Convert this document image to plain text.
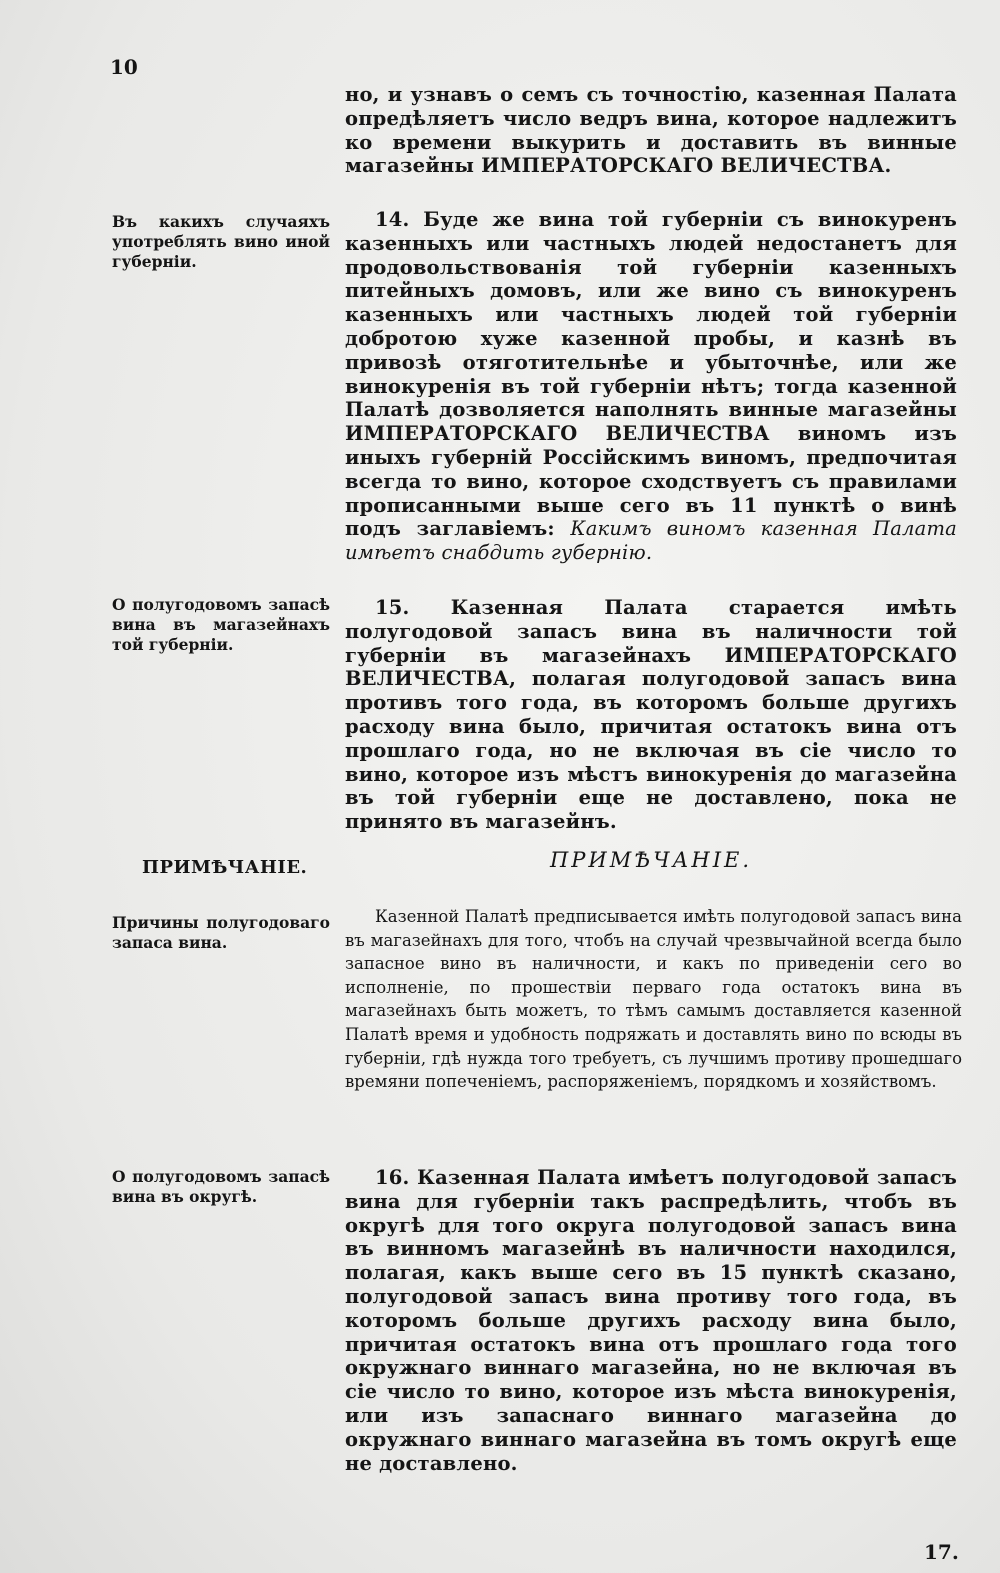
10

но, и узнавъ о семъ съ точностію, казенная Палата опредѣляетъ число ведръ вина, которое надлежитъ ко времени выкурить и доставить въ винные магазейны ИМПЕРАТОРСКАГО ВЕЛИЧЕСТВА.

Въ какихъ случаяхъ употреблять вино иной губерніи.

14. Буде же вина той губерніи съ винокуренъ казенныхъ или частныхъ людей недостанетъ для продовольствованія той губерніи казенныхъ питейныхъ домовъ, или же вино съ винокуренъ казенныхъ или частныхъ людей той губерніи добротою хуже казенной пробы, и казнѣ въ привозѣ отяготительнѣе и убыточнѣе, или же винокуренія въ той губерніи нѣтъ; тогда казенной Палатѣ дозволяется наполнять винные магазейны ИМПЕРАТОРСКАГО ВЕЛИЧЕСТВА виномъ изъ иныхъ губерній Россійскимъ виномъ, предпочитая всегда то вино, которое сходствуетъ съ правилами прописанными выше сего въ 11 пунктѣ о винѣ подъ заглавіемъ: Какимъ виномъ казенная Палата имѣетъ снабдить губернію.

О полугодовомъ запасѣ вина въ магазейнахъ той губерніи.

15. Казенная Палата старается имѣть полугодовой запасъ вина въ наличности той губерніи въ магазейнахъ ИМПЕРАТОРСКАГО ВЕЛИЧЕСТВА, полагая полугодовой запасъ вина противъ того года, въ которомъ больше другихъ расходу вина было, причитая остатокъ вина отъ прошлаго года, но не включая въ сіе число то вино, которое изъ мѣстъ винокуренія до магазейна въ той губерніи еще не доставлено, пока не принято въ магазейнъ.

ПРИМѢЧАНІЕ.	ПРИМѢЧАНІЕ.

Причины полугодоваго запаса вина.

Казенной Палатѣ предписывается имѣть полугодовой запасъ вина въ магазейнахъ для того, чтобъ на случай чрезвычайной всегда было запасное вино въ наличности, и какъ по приведеніи сего во исполненіе, по прошествіи перваго года остатокъ вина въ магазейнахъ быть можетъ, то тѣмъ самымъ доставляется казенной Палатѣ время и удобность подряжать и доставлять вино по всюды въ губерніи, гдѣ нужда того требуетъ, съ лучшимъ противу прошедшаго времяни попеченіемъ, распоряженіемъ, порядкомъ и хозяйствомъ.

О полугодовомъ запасѣ вина въ округѣ.

16. Казенная Палата имѣетъ полугодовой запасъ вина для губерніи такъ распредѣлить, чтобъ въ округѣ для того округа полугодовой запасъ вина въ винномъ магазейнѣ въ наличности находился, полагая, какъ выше сего въ 15 пунктѣ сказано, полугодовой запасъ вина противу того года, въ которомъ больше другихъ расходу вина было, причитая остатокъ вина отъ прошлаго года того окружнаго виннаго магазейна, но не включая въ сіе число то вино, которое изъ мѣста винокуренія, или изъ запаснаго виннаго магазейна до окружнаго виннаго магазейна въ томъ округѣ еще не доставлено.

17.
